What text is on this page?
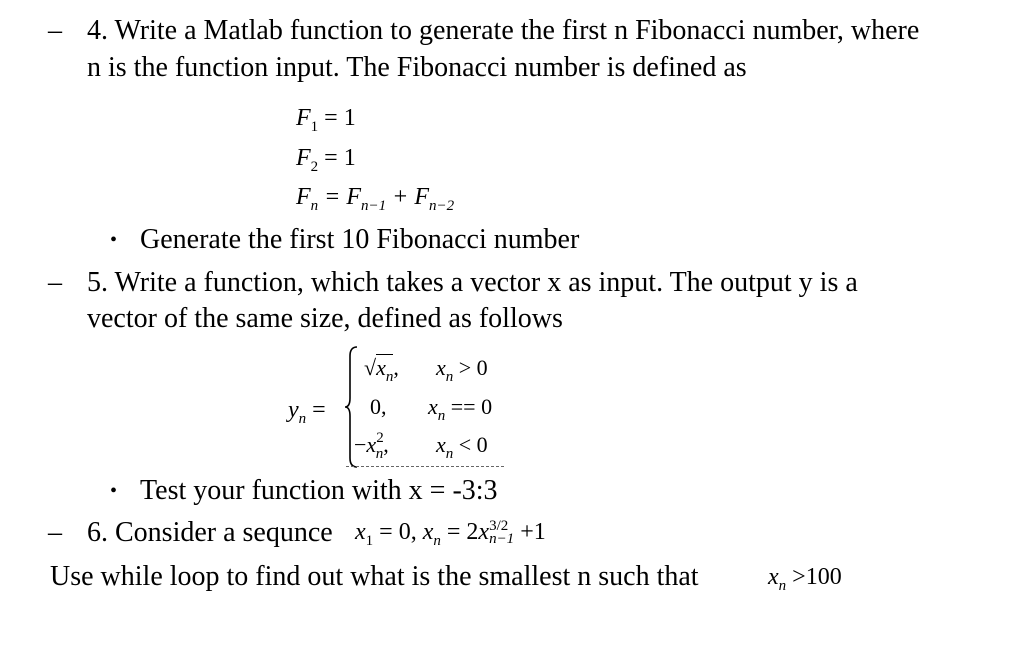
– 4. Write a Matlab function to generate the first n Fibonacci number, where
n is the function input. The Fibonacci number is defined as
$F_1 = 1$
$F_2 = 1$
$F_n = F_{n-1} + F_{n-2}$
• Generate the first 10 Fibonacci number
– 5. Write a function, which takes a vector x as input. The output y is a
vector of the same size, defined as follows
$y_n$ =
$√x_n$, $x_n > 0$
0, $x_n == 0$
$-x^2_n$, $x_n < 0$
• Test your function with x = -3:3
– 6. Consider a sequnce $x_1 = 0$, $x_n = 2x$ 3/2
n−1 +1
Use while loop to find out what is the smallest n such that	$x_n >100$
